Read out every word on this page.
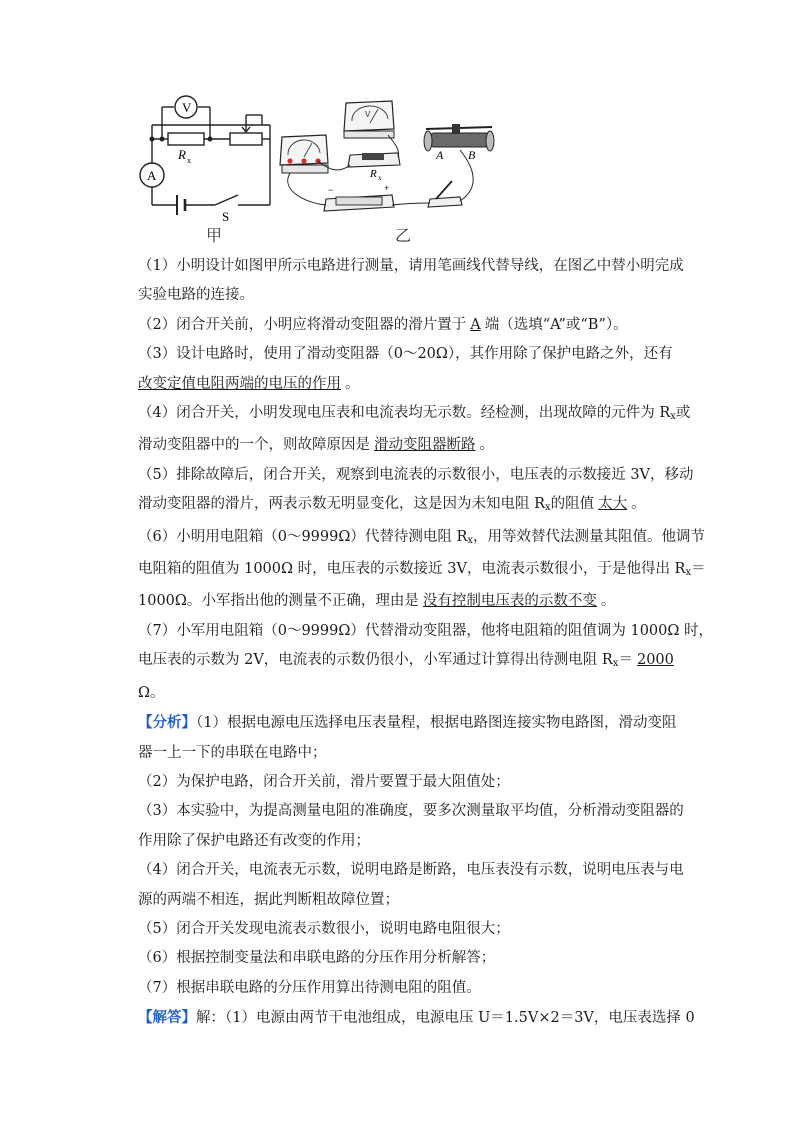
V
A
R x
S
V
−	+
A B
R x
甲	乙

（1）小明设计如图甲所示电路进行测量，请用笔画线代替导线，在图乙中替小明完成

实验电路的连接。

（2）闭合开关前，小明应将滑动变阻器的滑片置于 A 端（选填“A”或“B”）。

（3）设计电路时，使用了滑动变阻器（0～20Ω），其作用除了保护电路之外，还有

改变定值电阻两端的电压的作用 。

（4）闭合开关，小明发现电压表和电流表均无示数。经检测，出现故障的元件为 $R_x$或

滑动变阻器中的一个，则故障原因是 滑动变阻器断路 。

（5）排除故障后，闭合开关，观察到电流表的示数很小，电压表的示数接近 3V，移动

滑动变阻器的滑片，两表示数无明显变化，这是因为未知电阻 $R_x$的阻值 太大 。

（6）小明用电阻箱（0～9999Ω）代替待测电阻 $R_x$，用等效替代法测量其阻值。他调节

电阻箱的阻值为 1000Ω 时，电压表的示数接近 3V，电流表示数很小，于是他得出 $R_x=$

1000Ω。小军指出他的测量不正确，理由是 没有控制电压表的示数不变 。

（7）小军用电阻箱（0～9999Ω）代替滑动变阻器，他将电阻箱的阻值调为 1000Ω 时，

电压表的示数为 2V，电流表的示数仍很小，小军通过计算得出待测电阻 $R_x= 2000$

Ω。

【分析】（1）根据电源电压选择电压表量程，根据电路图连接实物电路图，滑动变阻

器一上一下的串联在电路中；

（2）为保护电路，闭合开关前，滑片要置于最大阻值处；

（3）本实验中，为提高测量电阻的准确度，要多次测量取平均值，分析滑动变阻器的

作用除了保护电路还有改变的作用；

（4）闭合开关，电流表无示数，说明电路是断路，电压表没有示数，说明电压表与电

源的两端不相连，据此判断粗故障位置；

（5）闭合开关发现电流表示数很小，说明电路电阻很大；

（6）根据控制变量法和串联电路的分压作用分析解答；

（7）根据串联电路的分压作用算出待测电阻的阻值。

【解答】解：（1）电源由两节干电池组成，电源电压 U＝1.5V×2＝3V，电压表选择 0
